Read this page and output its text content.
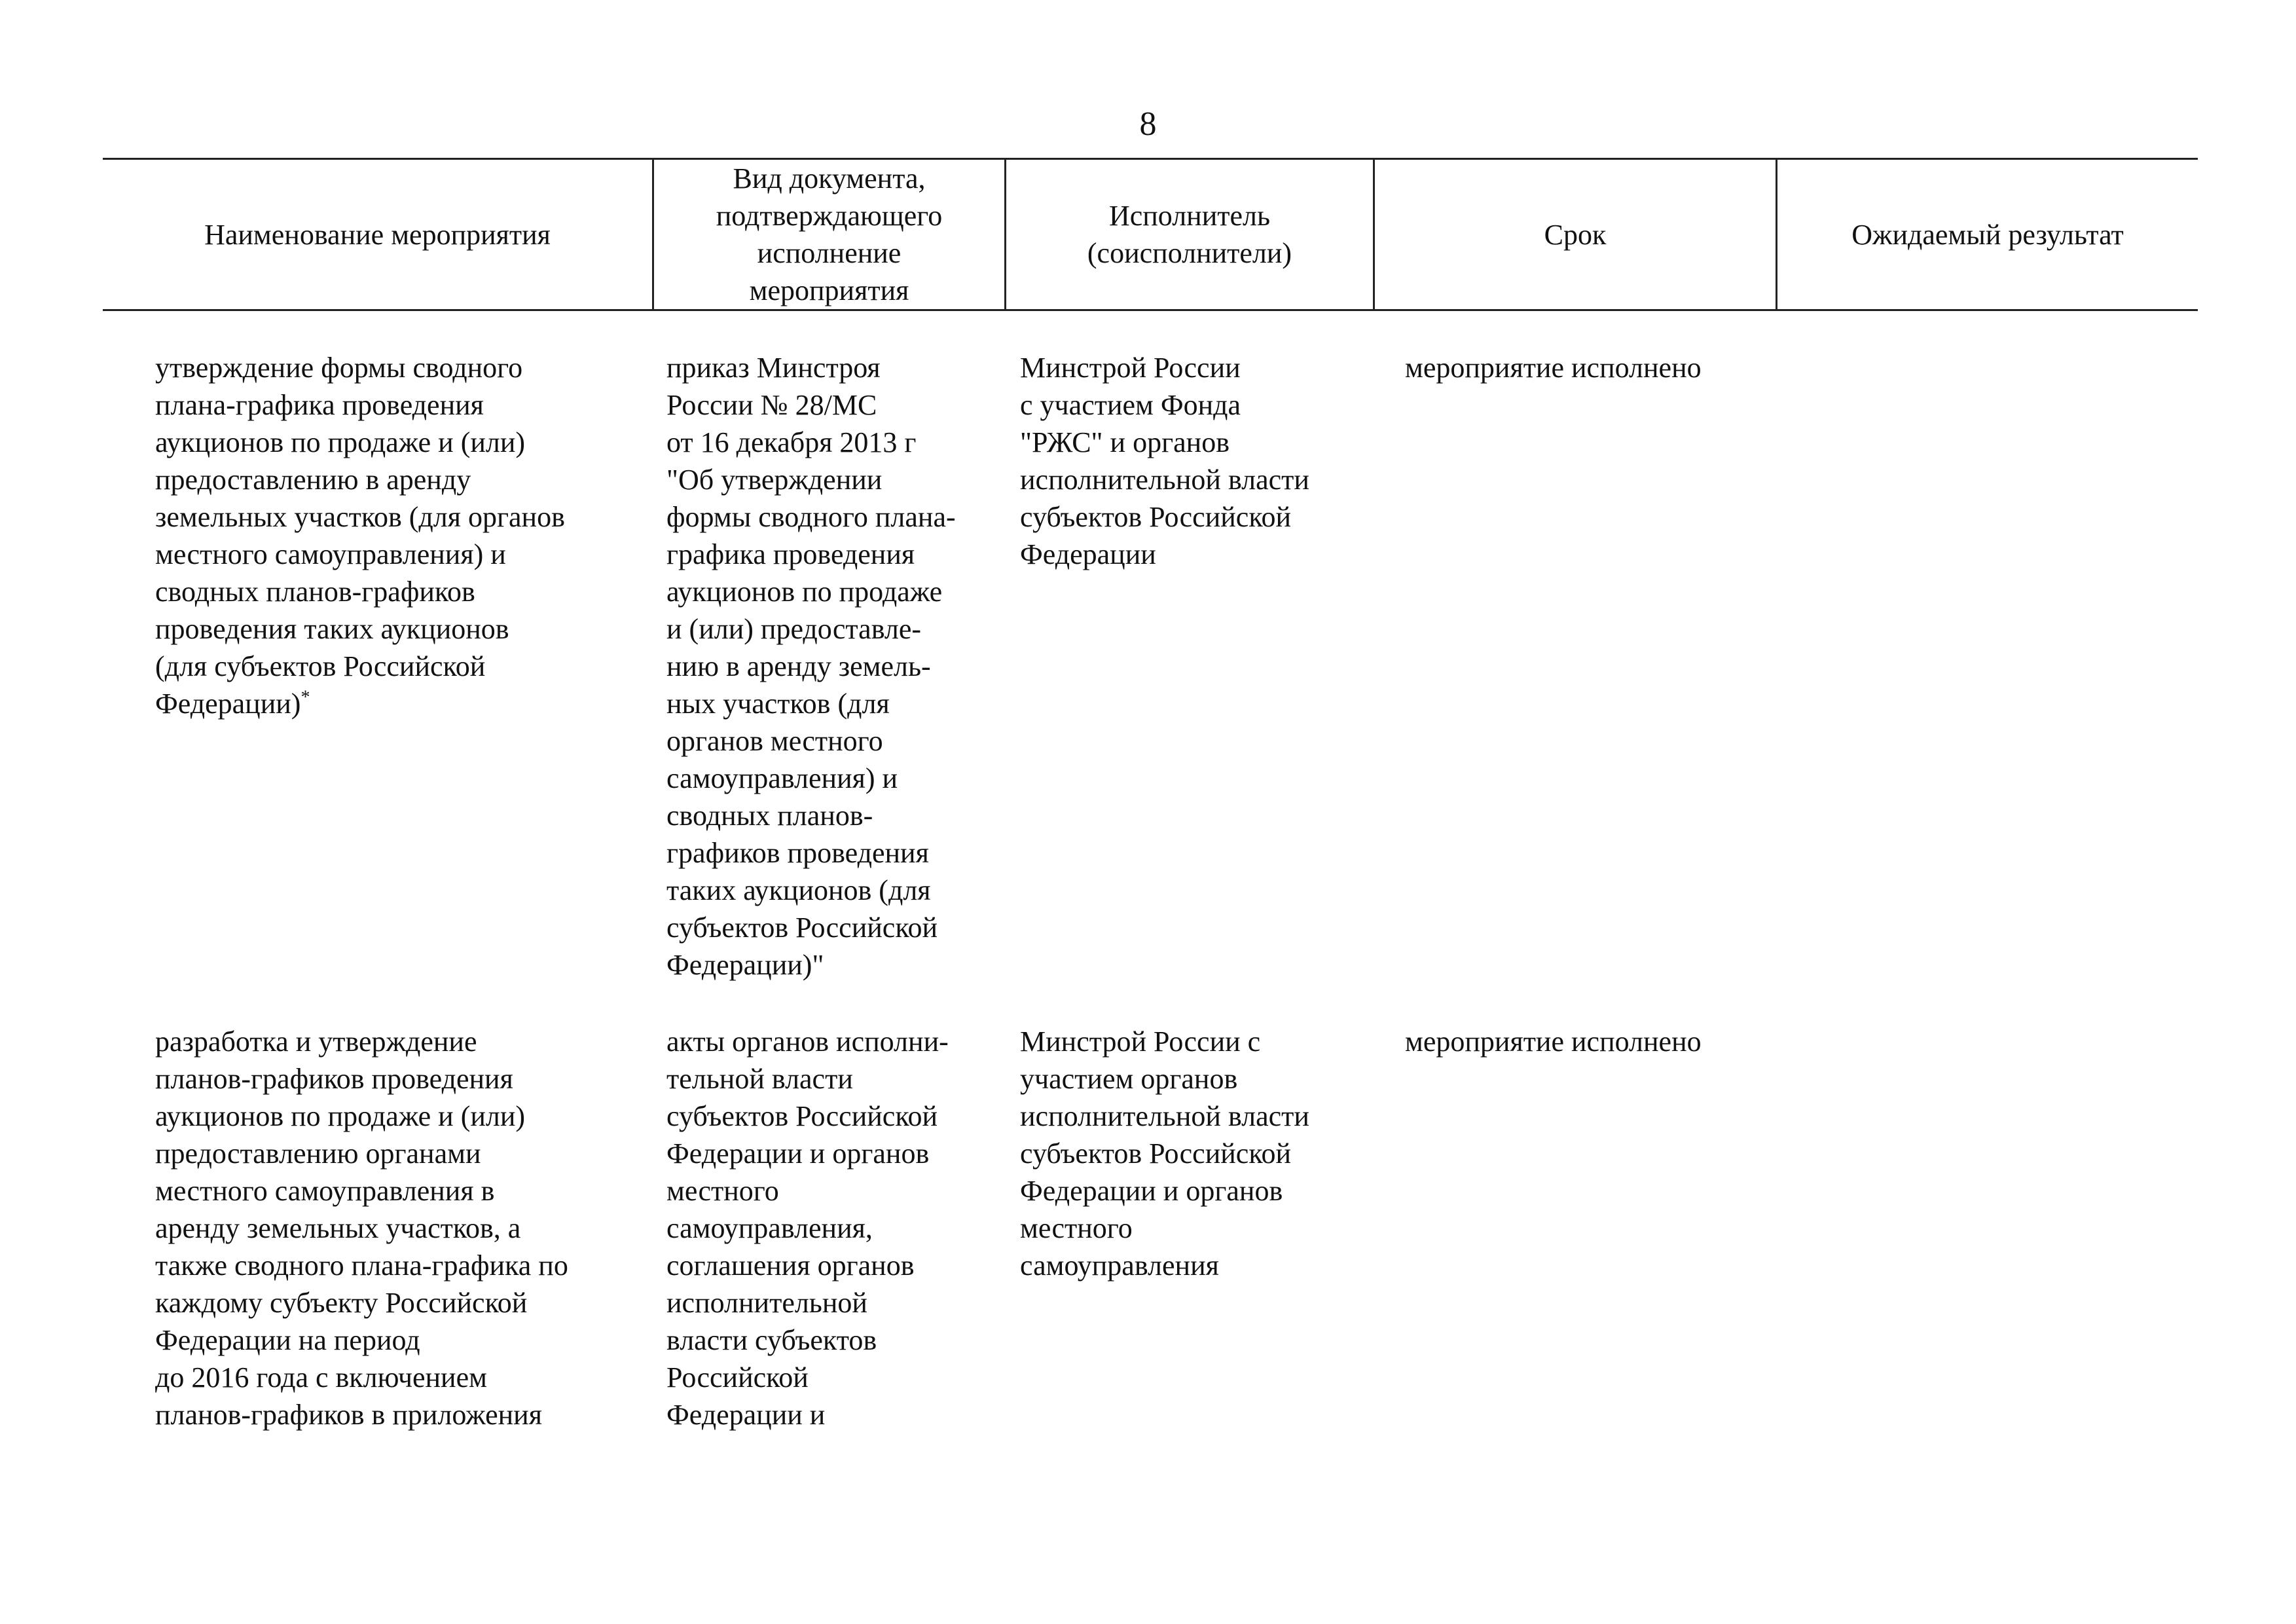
8
Наименование мероприятия
Вид документа,
подтверждающего
исполнение
мероприятия
Исполнитель
(соисполнители)
Срок	Ожидаемый результат
утверждение формы сводного
плана-графика проведения
аукционов по продаже и (или)
предоставлению в аренду
земельных участков (для органов
местного самоуправления) и
сводных планов-графиков
проведения таких аукционов
(для субъектов Российской
Федерации)*
приказ Минстроя
России № 28/МС
от 16 декабря 2013 г
"Об утверждении
формы сводного плана-
графика проведения
аукционов по продаже
и (или) предоставле-
нию в аренду земель-
ных участков (для
органов местного
самоуправления) и
сводных планов-
графиков проведения
таких аукционов (для
субъектов Российской
Федерации)"
Минстрой России
с участием Фонда
"РЖС" и органов
исполнительной власти
субъектов Российской
Федерации
мероприятие исполнено
разработка и утверждение
планов-графиков проведения
аукционов по продаже и (или)
предоставлению органами
местного самоуправления в
аренду земельных участков, а
также сводного плана-графика по
каждому субъекту Российской
Федерации на период
до 2016 года с включением
планов-графиков в приложения
акты органов исполни-
тельной власти
субъектов Российской
Федерации и органов
местного
самоуправления,
соглашения органов
исполнительной
власти субъектов
Российской
Федерации и
Минстрой России с
участием органов
исполнительной власти
субъектов Российской
Федерации и органов
местного
самоуправления
мероприятие исполнено
